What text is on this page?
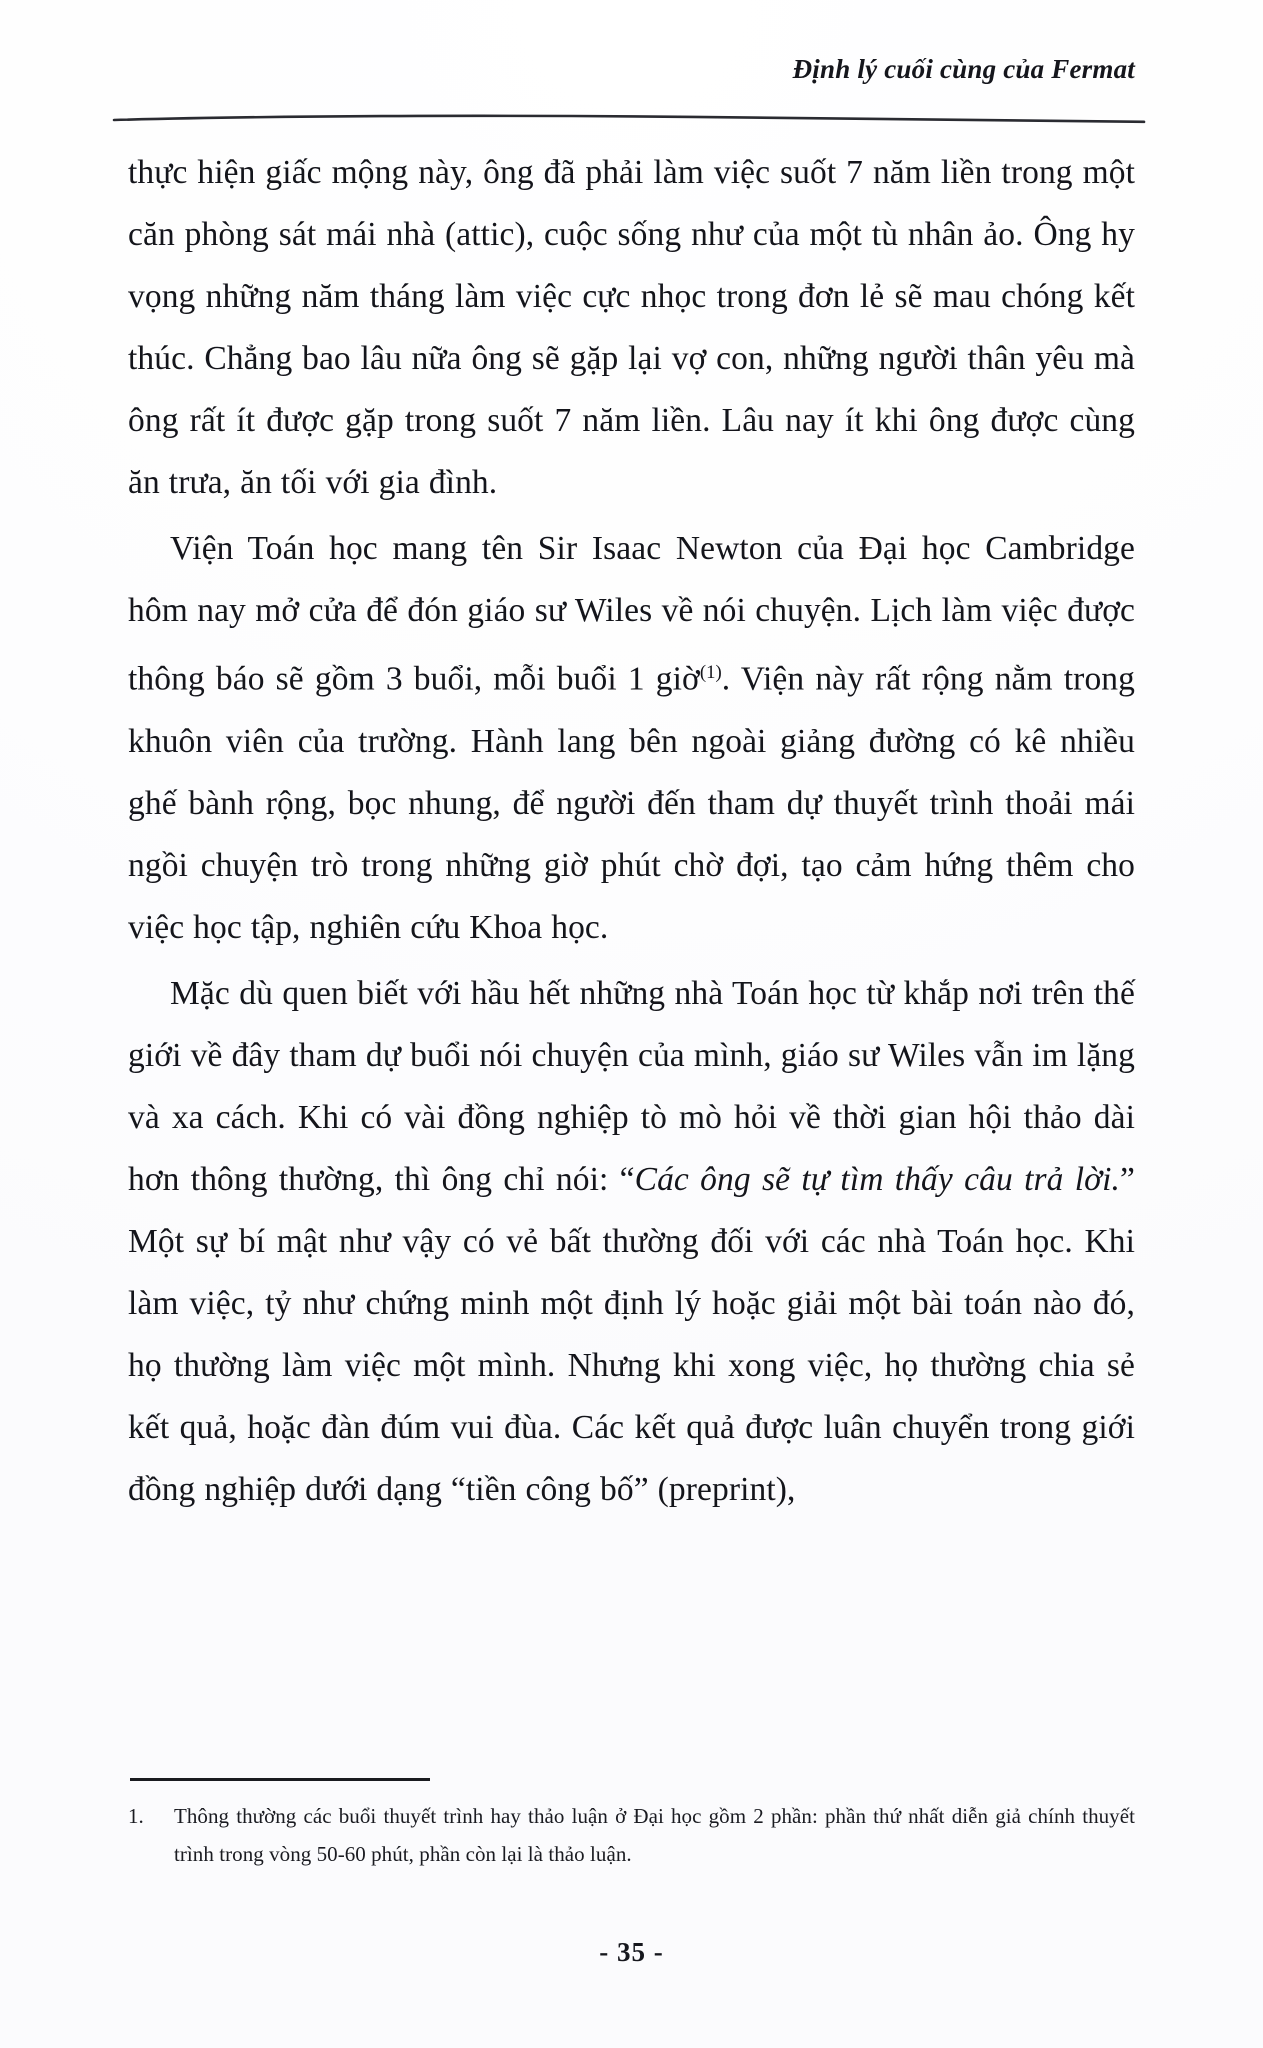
Định lý cuối cùng của Fermat

thực hiện giấc mộng này, ông đã phải làm việc suốt 7 năm liền trong một căn phòng sát mái nhà (attic), cuộc sống như của một tù nhân ảo. Ông hy vọng những năm tháng làm việc cực nhọc trong đơn lẻ sẽ mau chóng kết thúc. Chẳng bao lâu nữa ông sẽ gặp lại vợ con, những người thân yêu mà ông rất ít được gặp trong suốt 7 năm liền. Lâu nay ít khi ông được cùng ăn trưa, ăn tối với gia đình.

Viện Toán học mang tên Sir Isaac Newton của Đại học Cambridge hôm nay mở cửa để đón giáo sư Wiles về nói chuyện. Lịch làm việc được thông báo sẽ gồm 3 buổi, mỗi buổi 1 giờ$^{(1)}$. Viện này rất rộng nằm trong khuôn viên của trường. Hành lang bên ngoài giảng đường có kê nhiều ghế bành rộng, bọc nhung, để người đến tham dự thuyết trình thoải mái ngồi chuyện trò trong những giờ phút chờ đợi, tạo cảm hứng thêm cho việc học tập, nghiên cứu Khoa học.

Mặc dù quen biết với hầu hết những nhà Toán học từ khắp nơi trên thế giới về đây tham dự buổi nói chuyện của mình, giáo sư Wiles vẫn im lặng và xa cách. Khi có vài đồng nghiệp tò mò hỏi về thời gian hội thảo dài hơn thông thường, thì ông chỉ nói: “Các ông sẽ tự tìm thấy câu trả lời.” Một sự bí mật như vậy có vẻ bất thường đối với các nhà Toán học. Khi làm việc, tỷ như chứng minh một định lý hoặc giải một bài toán nào đó, họ thường làm việc một mình. Nhưng khi xong việc, họ thường chia sẻ kết quả, hoặc đàn đúm vui đùa. Các kết quả được luân chuyển trong giới đồng nghiệp dưới dạng “tiền công bố” (preprint),

1.	Thông thường các buổi thuyết trình hay thảo luận ở Đại học gồm 2 phần: phần thứ nhất diễn giả chính thuyết trình trong vòng 50-60 phút, phần còn lại là thảo luận.
- 35 -
